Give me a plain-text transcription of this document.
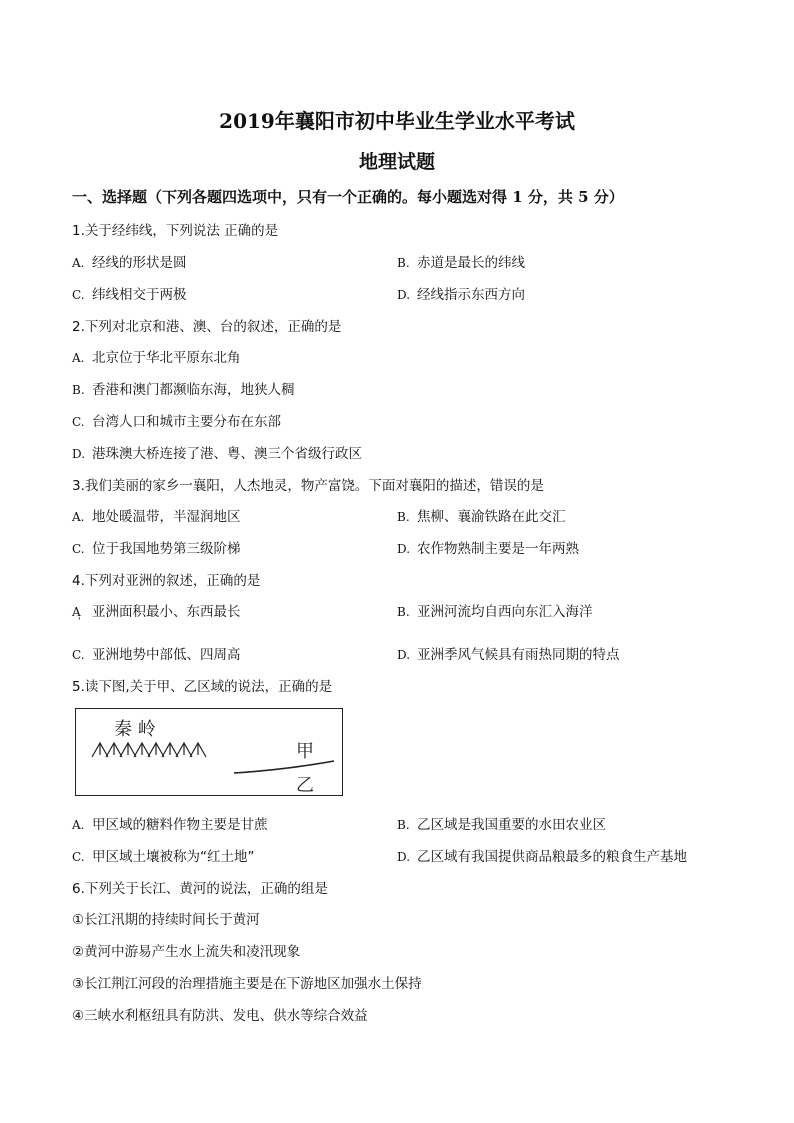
2019年襄阳市初中毕业生学业水平考试
地理试题
一、选择题（下列各题四选项中，只有一个正确的。每小题选对得 1 分，共 5 分）
1.关于经纬线，下列说法 正确的是
A. 经线的形状是圆	B. 赤道是最长的纬线
C. 纬线相交于两极	D. 经线指示东西方向
2.下列对北京和港、澳、台的叙述，正确的是
A. 北京位于华北平原东北角
B. 香港和澳门都濒临东海，地狭人稠
C. 台湾人口和城市主要分布在东部
D. 港珠澳大桥连接了港、粤、澳三个省级行政区
3.我们美丽的家乡一襄阳，人杰地灵，物产富饶。下面对襄阳的描述，错误的是
A. 地处暖温带，半湿润地区	B. 焦柳、襄渝铁路在此交汇
C. 位于我国地势第三级阶梯	D. 农作物熟制主要是一年两熟
4.下列对亚洲的叙述，正确的是
A 亚洲面积最小、东西最长	B. 亚洲河流均自西向东汇入海洋
'
C. 亚洲地势中部低、四周高	D. 亚洲季风气候具有雨热同期的特点
5.读下图,关于甲、乙区域的说法，正确的是
秦 岭
甲
乙
A. 甲区域的糖料作物主要是甘蔗	B. 乙区域是我国重要的水田农业区
C. 甲区域土壤被称为“红土地”	D. 乙区域有我国提供商品粮最多的粮食生产基地
6.下列关于长江、黄河的说法，正确的组是
①长江汛期的持续时间长于黄河
②黄河中游易产生水上流失和凌汛现象
③长江荆江河段的治理措施主要是在下游地区加强水土保持
④三峡水利枢纽具有防洪、发电、供水等综合效益
